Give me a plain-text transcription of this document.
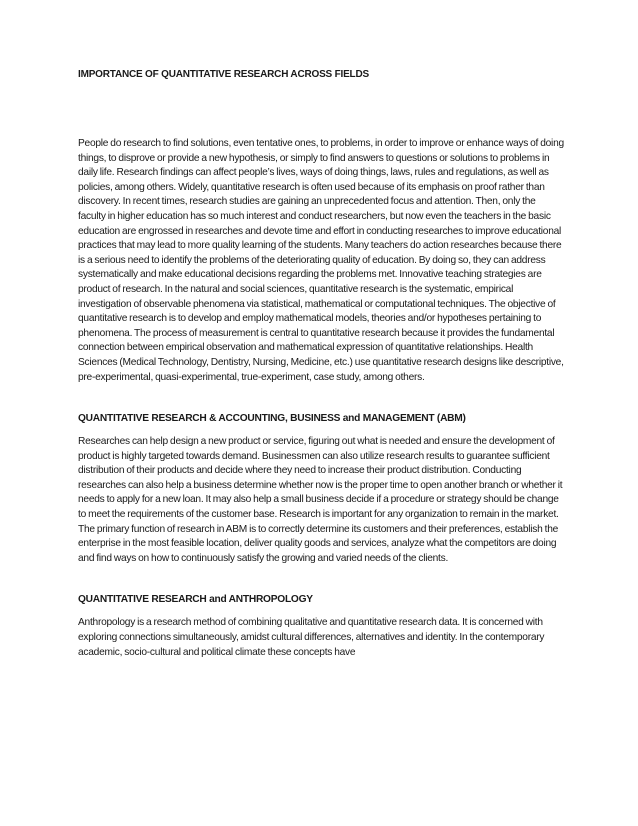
IMPORTANCE OF QUANTITATIVE RESEARCH ACROSS FIELDS

People do research to find solutions, even tentative ones, to problems, in order to improve or enhance ways of doing things, to disprove or provide a new hypothesis, or simply to find answers to questions or solutions to problems in daily life. Research findings can affect people’s lives, ways of doing things, laws, rules and regulations, as well as policies, among others. Widely, quantitative research is often used because of its emphasis on proof rather than discovery. In recent times, research studies are gaining an unprecedented focus and attention. Then, only the faculty in higher education has so much interest and conduct researchers, but now even the teachers in the basic education are engrossed in researches and devote time and effort in conducting researches to improve educational practices that may lead to more quality learning of the students. Many teachers do action researches because there is a serious need to identify the problems of the deteriorating quality of education. By doing so, they can address systematically and make educational decisions regarding the problems met. Innovative teaching strategies are product of research. In the natural and social sciences, quantitative research is the systematic, empirical investigation of observable phenomena via statistical, mathematical or computational techniques. The objective of quantitative research is to develop and employ mathematical models, theories and/or hypotheses pertaining to phenomena. The process of measurement is central to quantitative research because it provides the fundamental connection between empirical observation and mathematical expression of quantitative relationships. Health Sciences (Medical Technology, Dentistry, Nursing, Medicine, etc.) use quantitative research designs like descriptive, pre-experimental, quasi-experimental, true-experiment, case study, among others.

QUANTITATIVE RESEARCH & ACCOUNTING, BUSINESS and MANAGEMENT (ABM)

Researches can help design a new product or service, figuring out what is needed and ensure the development of product is highly targeted towards demand. Businessmen can also utilize research results to guarantee sufficient distribution of their products and decide where they need to increase their product distribution. Conducting researches can also help a business determine whether now is the proper time to open another branch or whether it needs to apply for a new loan. It may also help a small business decide if a procedure or strategy should be change to meet the requirements of the customer base. Research is important for any organization to remain in the market. The primary function of research in ABM is to correctly determine its customers and their preferences, establish the enterprise in the most feasible location, deliver quality goods and services, analyze what the competitors are doing and find ways on how to continuously satisfy the growing and varied needs of the clients.

QUANTITATIVE RESEARCH and ANTHROPOLOGY

Anthropology is a research method of combining qualitative and quantitative research data. It is concerned with exploring connections simultaneously, amidst cultural differences, alternatives and identity. In the contemporary academic, socio-cultural and political climate these concepts have
